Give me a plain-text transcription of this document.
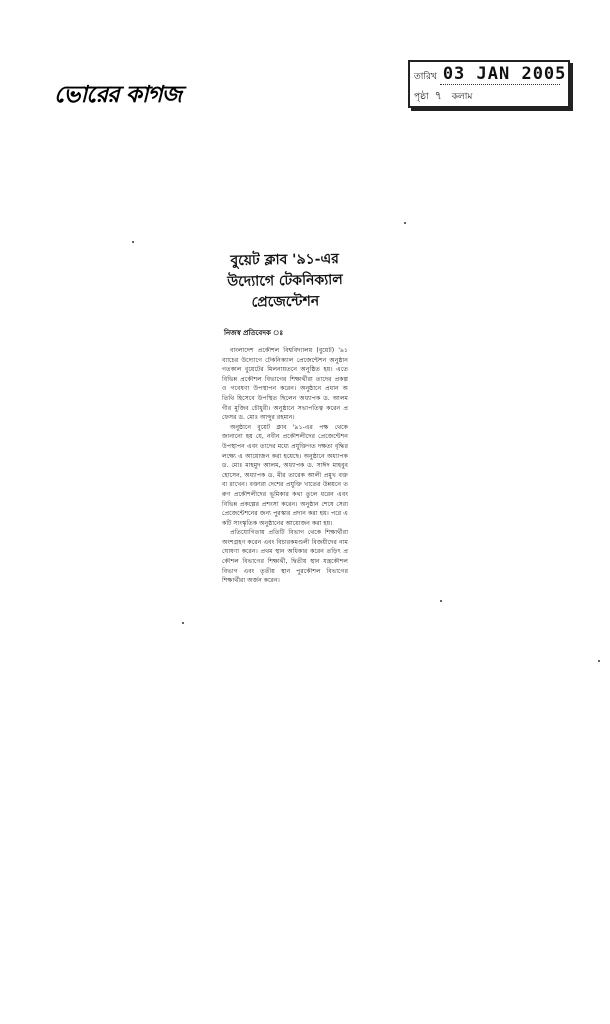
ভোরের কাগজ
তারিখ 03 JAN 2005
পৃষ্ঠা ৭ কলাম
বুয়েট ক্লাব '৯১-এর
উদ্যোগে টেকনিক্যাল
প্রেজেন্টেশন
নিজস্ব প্রতিবেদক ঃ

বাংলাদেশ প্রকৌশল বিশ্ববিদ্যালয় (বুয়েট) '৯১ ব্যাচের উদ্যোগে টেকনিক্যাল প্রেজেন্টেশন অনুষ্ঠান গতকাল বুয়েটের মিলনায়তনে অনুষ্ঠিত হয়। এতে বিভিন্ন প্রকৌশল বিভাগের শিক্ষার্থীরা তাদের প্রকল্প ও গবেষণা উপস্থাপন করেন। অনুষ্ঠানে প্রধান অতিথি হিসেবে উপস্থিত ছিলেন অধ্যাপক ড. আলমগীর মুজিব চৌধুরী। অনুষ্ঠানে সভাপতিত্ব করেন প্রফেসর ড. মোঃ আব্দুর রহমান।

অনুষ্ঠানে বুয়েট ক্লাব '৯১-এর পক্ষ থেকে জানানো হয় যে, নবীন প্রকৌশলীদের প্রেজেন্টেশন উপস্থাপন এবং তাদের মধ্যে প্রযুক্তিগত দক্ষতা বৃদ্ধির লক্ষ্যে এ আয়োজন করা হয়েছে। অনুষ্ঠানে অধ্যাপক ড. মোঃ মাহমুদ আলম, অধ্যাপক ড. সাঈদ মাহবুব হোসেন, অধ্যাপক ড. মীর তারেক আলী প্রমুখ বক্তব্য রাখেন। বক্তারা দেশের প্রযুক্তি খাতের উন্নয়নে তরুণ প্রকৌশলীদের ভূমিকার কথা তুলে ধরেন এবং বিভিন্ন প্রকল্পের প্রশংসা করেন। অনুষ্ঠান শেষে সেরা প্রেজেন্টেশনের জন্য পুরস্কার প্রদান করা হয়। পরে একটি সাংস্কৃতিক অনুষ্ঠানের আয়োজন করা হয়।

প্রতিযোগিতায় প্রতিটি বিভাগ থেকে শিক্ষার্থীরা অংশগ্রহণ করেন এবং বিচারকমণ্ডলী বিজয়ীদের নাম ঘোষণা করেন। প্রথম স্থান অধিকার করেন তড়িৎ প্রকৌশল বিভাগের শিক্ষার্থী, দ্বিতীয় স্থান যন্ত্রকৌশল বিভাগ এবং তৃতীয় স্থান পুরকৌশল বিভাগের শিক্ষার্থীরা অর্জন করেন।
